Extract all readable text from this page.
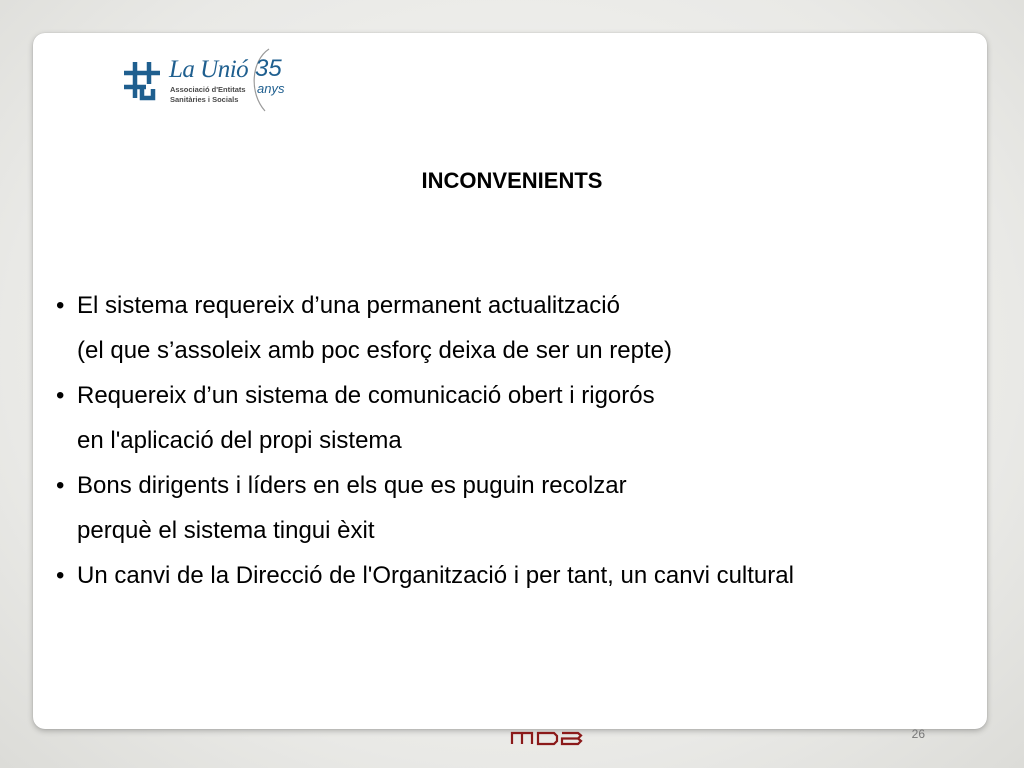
La Unió
Associació d'Entitats
Sanitàries i Socials
35
anys
26
INCONVENIENTS
• El sistema requereix d’una permanent actualització
(el que s’assoleix amb poc esforç deixa de ser un repte)
• Requereix d’un sistema de comunicació obert i rigorós
en l'aplicació del propi sistema
• Bons dirigents i líders en els que es puguin recolzar
perquè el sistema tingui èxit
• Un canvi de la Direcció de l'Organització i per tant, un canvi cultural
